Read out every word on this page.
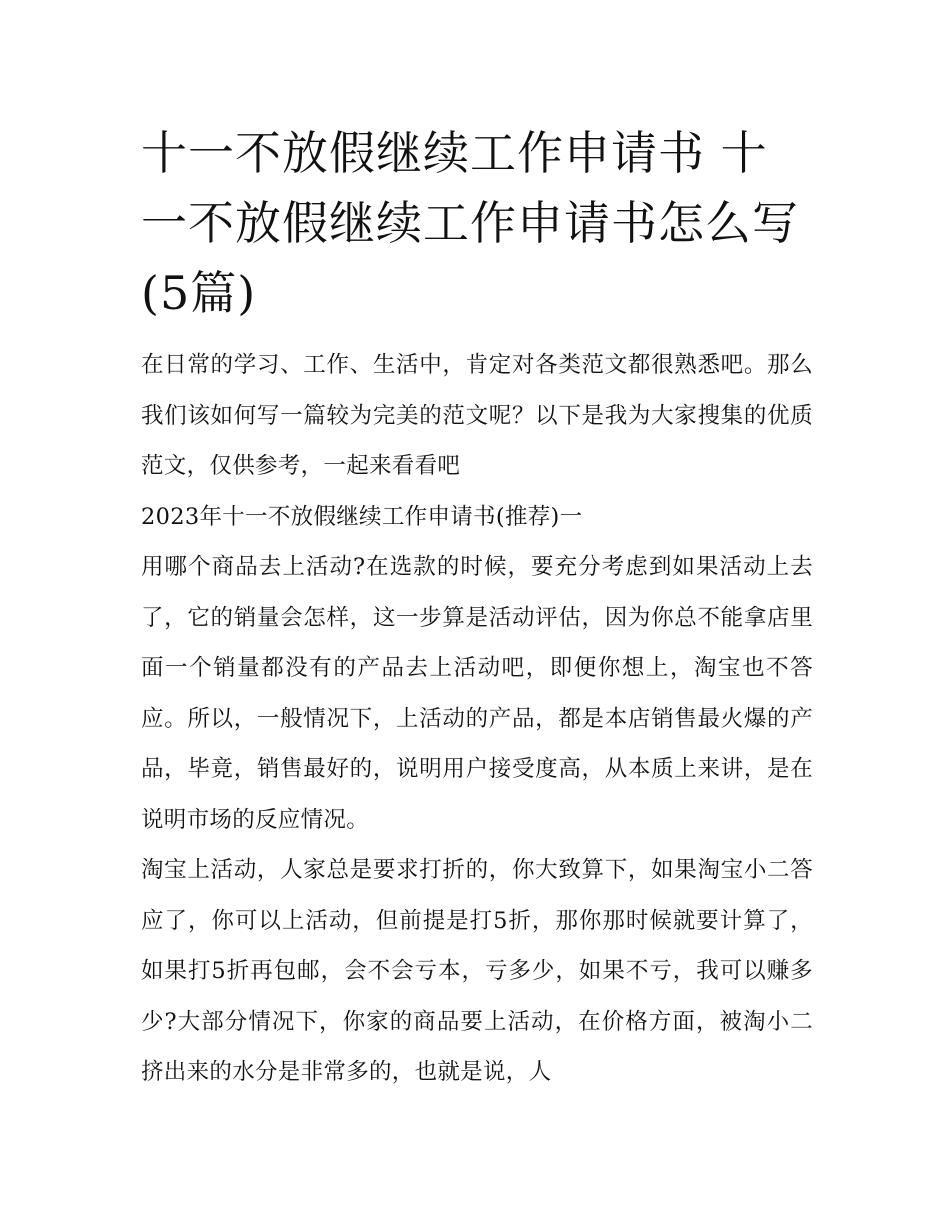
十一不放假继续工作申请书 十一不放假继续工作申请书怎么写(5篇)

在日常的学习、工作、生活中，肯定对各类范文都很熟悉吧。那么我们该如何写一篇较为完美的范文呢？以下是我为大家搜集的优质范文，仅供参考，一起来看看吧

2023年十一不放假继续工作申请书(推荐)一

用哪个商品去上活动?在选款的时候，要充分考虑到如果活动上去了，它的销量会怎样，这一步算是活动评估，因为你总不能拿店里面一个销量都没有的产品去上活动吧，即便你想上，淘宝也不答应。所以，一般情况下，上活动的产品，都是本店销售最火爆的产品，毕竟，销售最好的，说明用户接受度高，从本质上来讲，是在说明市场的反应情况。

淘宝上活动，人家总是要求打折的，你大致算下，如果淘宝小二答应了，你可以上活动，但前提是打5折，那你那时候就要计算了，如果打5折再包邮，会不会亏本，亏多少，如果不亏，我可以赚多少?大部分情况下，你家的商品要上活动，在价格方面，被淘小二挤出来的水分是非常多的，也就是说，人
